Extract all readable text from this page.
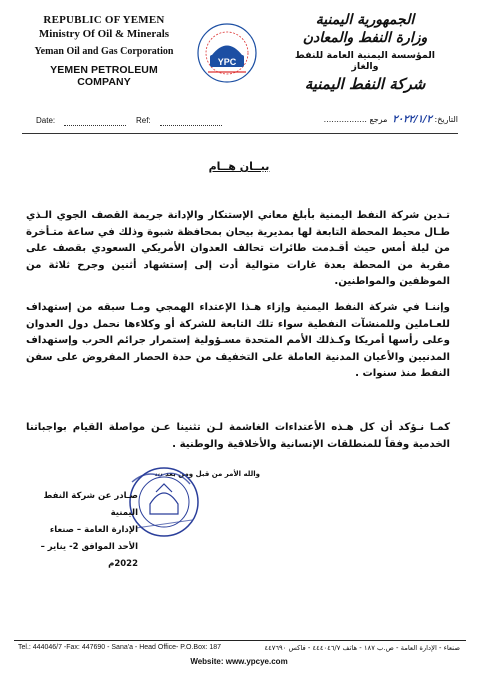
REPUBLIC OF YEMEN
Ministry Of Oil & Minerals
Yeman Oil and Gas Corporation
YEMEN PETROLEUM COMPANY
YPC
الجمهورية اليمنية
وزارة النفط والمعادن
المؤسسة اليمنية العامة للنفط والغاز
شركة النفط اليمنية
Date:	Ref:	التاريخ: ٢٠٢٢/١/٢  مرجع .................
بيــان هــام
تـدين شركة النفط اليمنية بأبلغ معاني الإستنكار والإدانة جريمة القصف الجوي الـذي طـال محيط المحطة التابعة لها بمديرية بيحان بمحافظة شبوة وذلك في ساعة متـأخرة من ليلة أمس حيث أقـدمت طائرات تحالف العدوان الأمريكي السعودي بقصف على مقربة من المحطة بعدة غارات متوالية أدت إلى إستشهاد أثنين وجرح ثلاثة من الموظفين والمواطنين.
وإننـا في شركة النفط اليمنية وإزاء هـذا الإعتداء الهمجي ومـا سبقه من إستهداف للعـاملين وللمنشآت النفطية سواء تلك التابعة للشركة أو وكلاءها نحمل دول العدوان وعلى رأسها أمريكا وكـذلك الأمم المتحدة مسـؤولية إستمرار جرائم الحرب وإستهداف المدنيين والأعيان المدنية العاملة على التخفيف من حدة الحصار المفروض على سفن النفط منذ سنوات .
كمـا نـؤكد أن كل هـذه الأعتداءات الغاشمة لـن تثنينا عـن مواصلة القيام بواجباتنا الخدمية وفقاً للمنطلقات الإنسانية والأخلاقية والوطنية .
والله الأمر من قبل ومن بعد ،،،
صـادر عن شركة النفط اليمنية
الإدارة العامة – صنعاء
الأحد الموافق 2- يناير – 2022م
Tel.: 444046/7 -Fax: 447690 - Sana'a - Head Office- P.O.Box: 187	صنعاء - الإدارة العامة - ص.ب ١٨٧ - هاتف ٤٤٤٠٤٦/٧ - فاكس ٤٤٧٦٩٠
Website: www.ypcye.com
